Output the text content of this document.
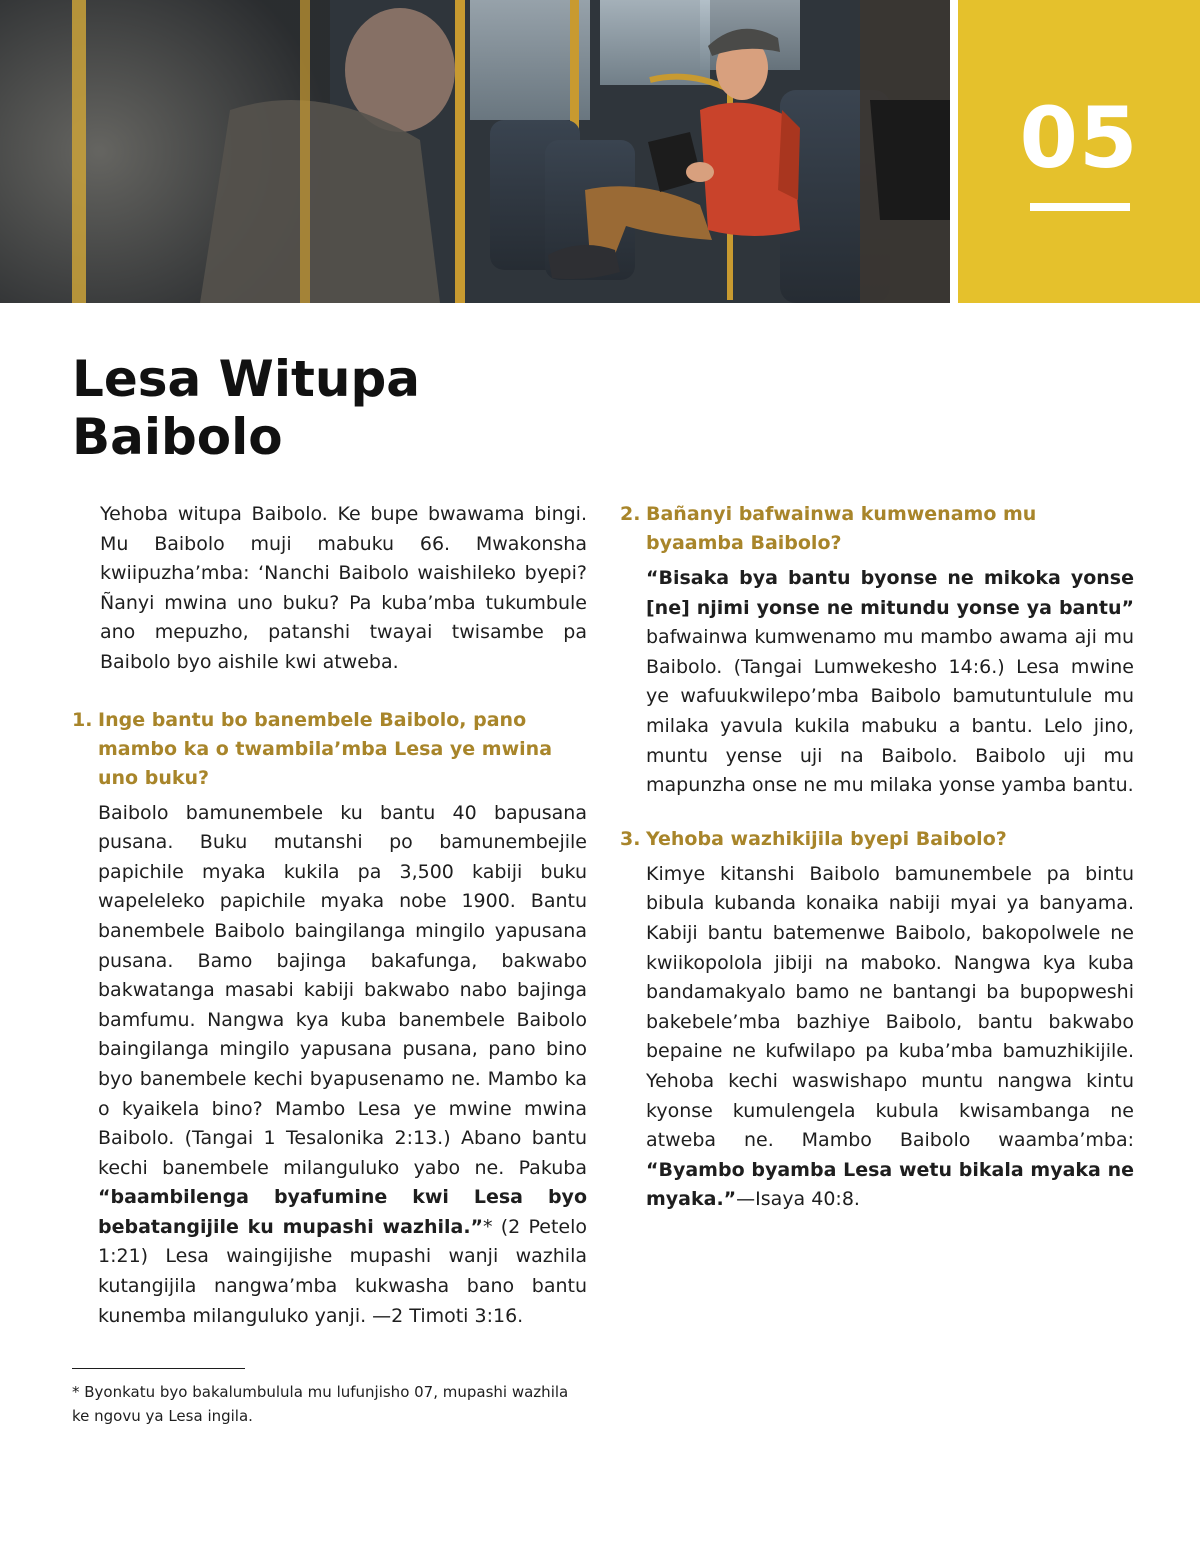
05
Lesa Witupa
Baibolo

Yehoba witupa Baibolo. Ke bupe bwawama bingi. Mu Baibolo muji mabuku 66. Mwakonsha kwiipuzha’mba: ‘Nanchi Baibolo waishileko byepi? Ñanyi mwina uno buku? Pa kuba’mba tukumbule ano mepuzho, patanshi twayai twisambe pa Baibolo byo aishile kwi atweba.

1. Inge bantu bo banembele Baibolo, pano mambo ka o twambila’mba Lesa ye mwina uno buku?

Baibolo bamunembele ku bantu 40 bapusana pusana. Buku mutanshi po bamunembejile papichile myaka kukila pa 3,500 kabiji buku wapeleleko papichile myaka nobe 1900. Bantu banembele Baibolo baingilanga mingilo yapusana pusana. Bamo bajinga bakafunga, bakwabo bakwatanga masabi kabiji bakwabo nabo bajinga bamfumu. Nangwa kya kuba banembele Baibolo baingilanga mingilo yapusana pusana, pano bino byo banembele kechi byapusenamo ne. Mambo ka o kyaikela bino? Mambo Lesa ye mwine mwina Baibolo. (Tangai 1 Tesalonika 2:13.) Abano bantu kechi banembele milanguluko yabo ne. Pakuba “baambilenga byafumine kwi Lesa byo bebatangijile ku mupashi wazhila.”* (2 Petelo 1:21) Lesa waingijishe mupashi wanji wazhila kutangijila nangwa’mba kukwasha bano bantu kunemba milanguluko yanji. —2 Timoti 3:16.

2. Bañanyi bafwainwa kumwenamo mu byaamba Baibolo?

“Bisaka bya bantu byonse ne mikoka yonse [ne] njimi yonse ne mitundu yonse ya bantu” bafwainwa kumwenamo mu mambo awama aji mu Baibolo. (Tangai Lumwekesho 14:6.) Lesa mwine ye wafuukwilepo’mba Baibolo bamutuntulule mu milaka yavula kukila mabuku a bantu. Lelo jino, muntu yense uji na Baibolo. Baibolo uji mu mapunzha onse ne mu milaka yonse yamba bantu.

3. Yehoba wazhikijila byepi Baibolo?

Kimye kitanshi Baibolo bamunembele pa bintu bibula kubanda konaika nabiji myai ya banyama. Kabiji bantu batemenwe Baibolo, bakopolwele ne kwiikopolola jibiji na maboko. Nangwa kya kuba bandamakyalo bamo ne bantangi ba bupopweshi bakebele’mba bazhiye Baibolo, bantu bakwabo bepaine ne kufwilapo pa kuba’mba bamuzhikijile. Yehoba kechi waswishapo muntu nangwa kintu kyonse kumulengela kubula kwisambanga ne atweba ne. Mambo Baibolo waamba’mba: “Byambo byamba Lesa wetu bikala myaka ne myaka.”—Isaya 40:8.

* Byonkatu byo bakalumbulula mu lufunjisho 07, mupashi wazhila ke ngovu ya Lesa ingila.
